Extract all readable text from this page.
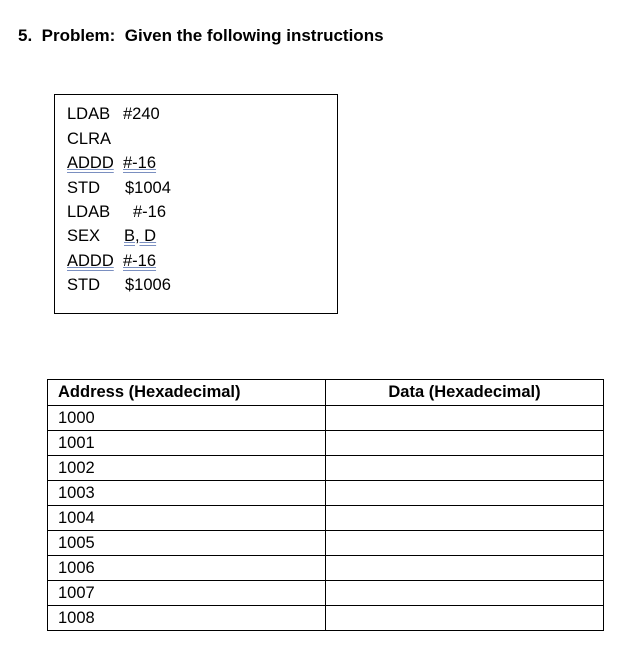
5.  Problem:  Given the following instructions
LDAB #240
CLRA
ADDD #-16
STD $1004
LDAB #-16
SEX B, D
ADDD #-16
STD $1006
Address (Hexadecimal)	Data (Hexadecimal)
1000	
1001	
1002	
1003	
1004	
1005	
1006	
1007	
1008	
